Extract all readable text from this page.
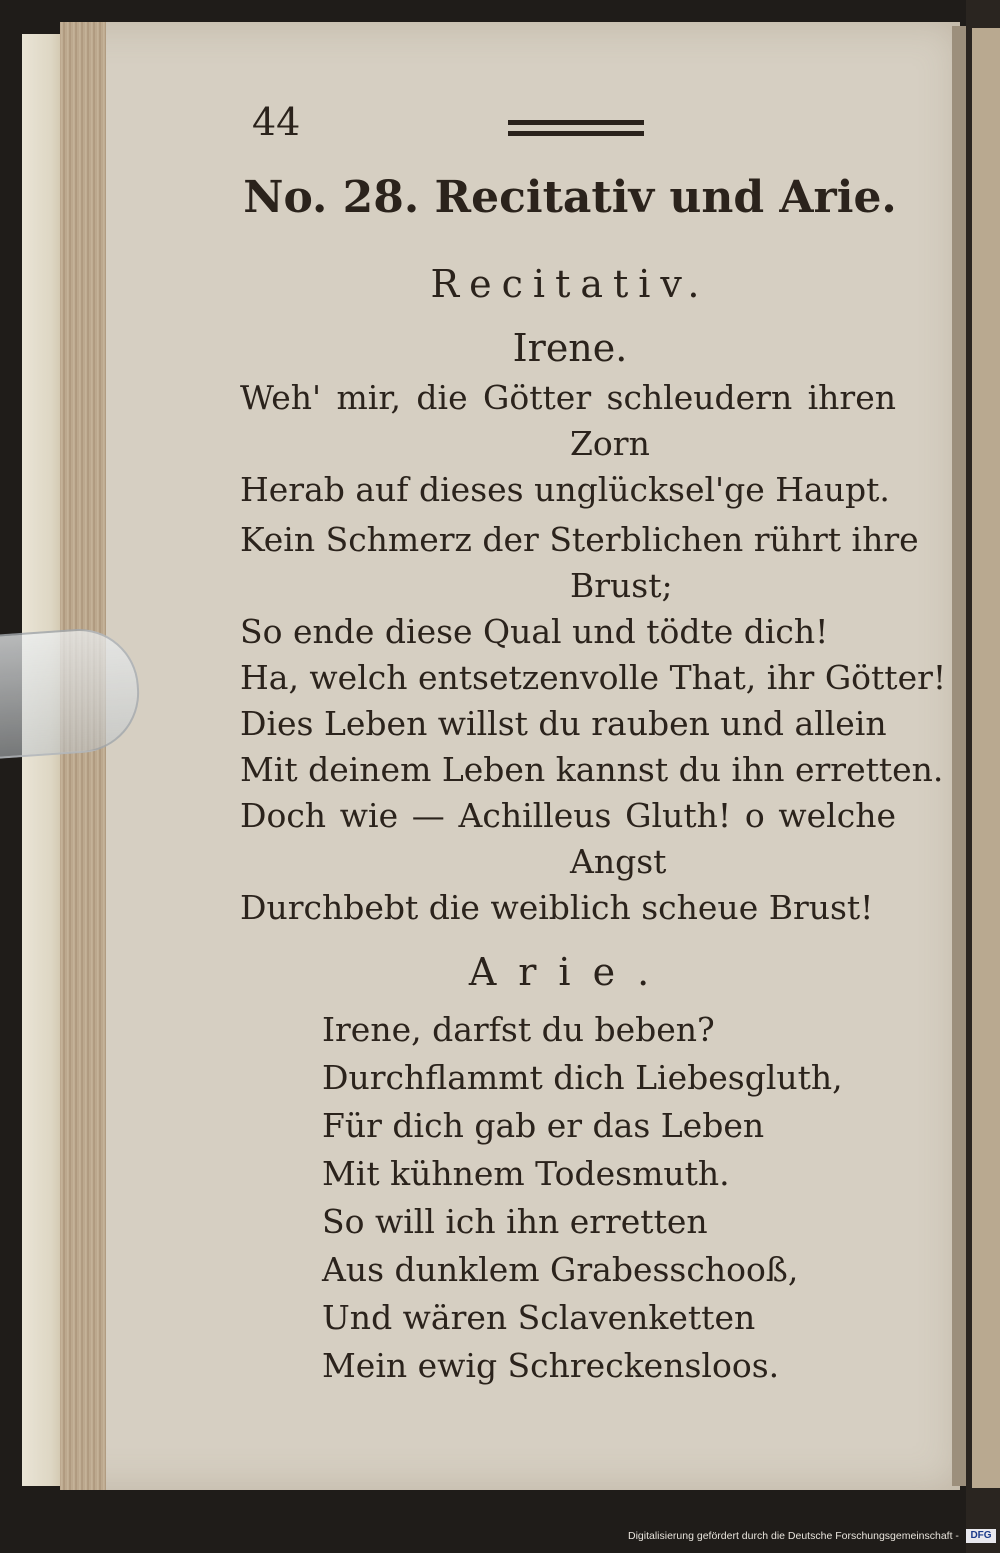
44
No. 28. Recitativ und Arie.
Recitativ.
Irene.
Weh' mir, die Götter schleudern ihren
Zorn
Herab auf dieses unglücksel'ge Haupt.
Kein Schmerz der Sterblichen rührt ihre
Brust;
So ende diese Qual und tödte dich!
Ha, welch entsetzenvolle That, ihr Götter!
Dies Leben willst du rauben und allein
Mit deinem Leben kannst du ihn erretten.
Doch wie — Achilleus Gluth! o welche
Angst
Durchbebt die weiblich scheue Brust!
Arie.
Irene, darfst du beben?
Durchflammt dich Liebesgluth,
Für dich gab er das Leben
Mit kühnem Todesmuth.
So will ich ihn erretten
Aus dunklem Grabesschooß,
Und wären Sclavenketten
Mein ewig Schreckensloos.
Digitalisierung gefördert durch die Deutsche Forschungsgemeinschaft -	DFG
